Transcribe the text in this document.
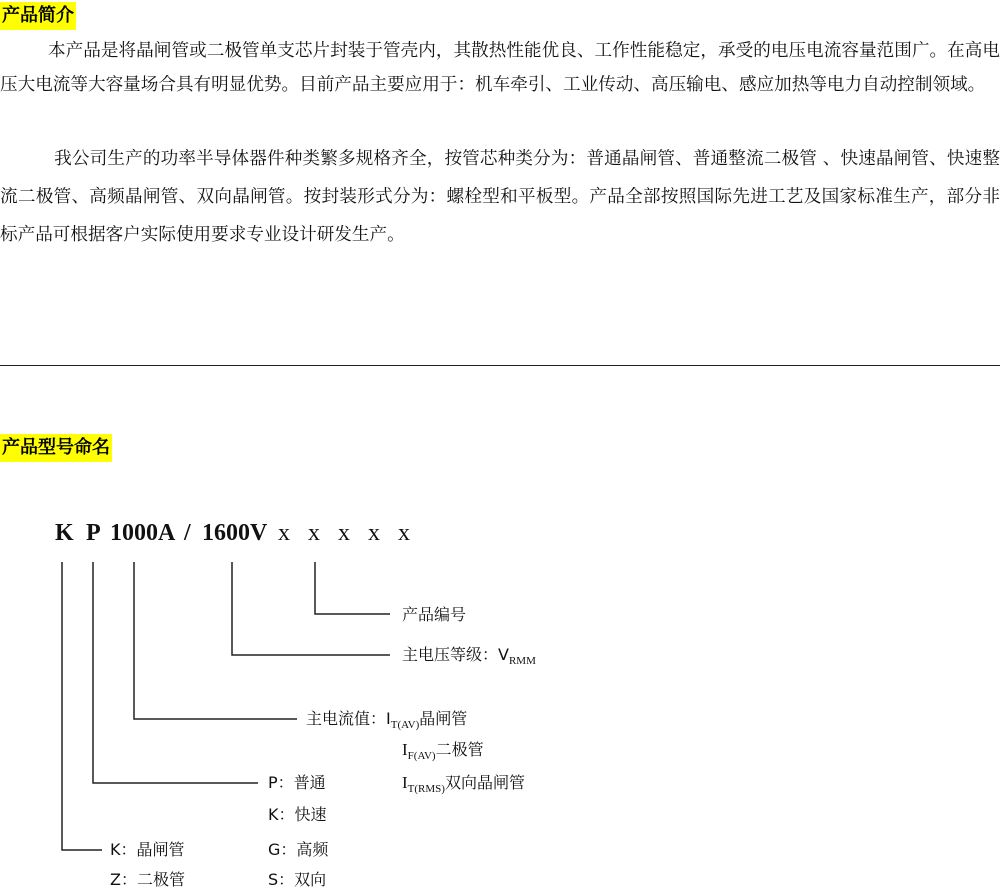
产品简介

本产品是将晶闸管或二极管单支芯片封装于管壳内，其散热性能优良、工作性能稳定，承受的电压电流容量范围广。在高电压大电流等大容量场合具有明显优势。目前产品主要应用于：机车牵引、工业传动、高压输电、感应加热等电力自动控制领域。

我公司生产的功率半导体器件种类繁多规格齐全，按管芯种类分为：普通晶闸管、普通整流二极管 、快速晶闸管、快速整流二极管、高频晶闸管、双向晶闸管。按封装形式分为：螺栓型和平板型。产品全部按照国际先进工艺及国家标准生产，部分非标产品可根据客户实际使用要求专业设计研发生产。

产品型号命名
K P 1000A / 1600V x x x x x
产品编号
主电压等级：$V_{RMM}$
主电流值：$I_{T(AV)}$晶闸管
$I_{F(AV)}$二极管
$I_{T(RMS)}$双向晶闸管
P：普通
K：快速
K：晶闸管	G：高频
Z：二极管	S：双向
